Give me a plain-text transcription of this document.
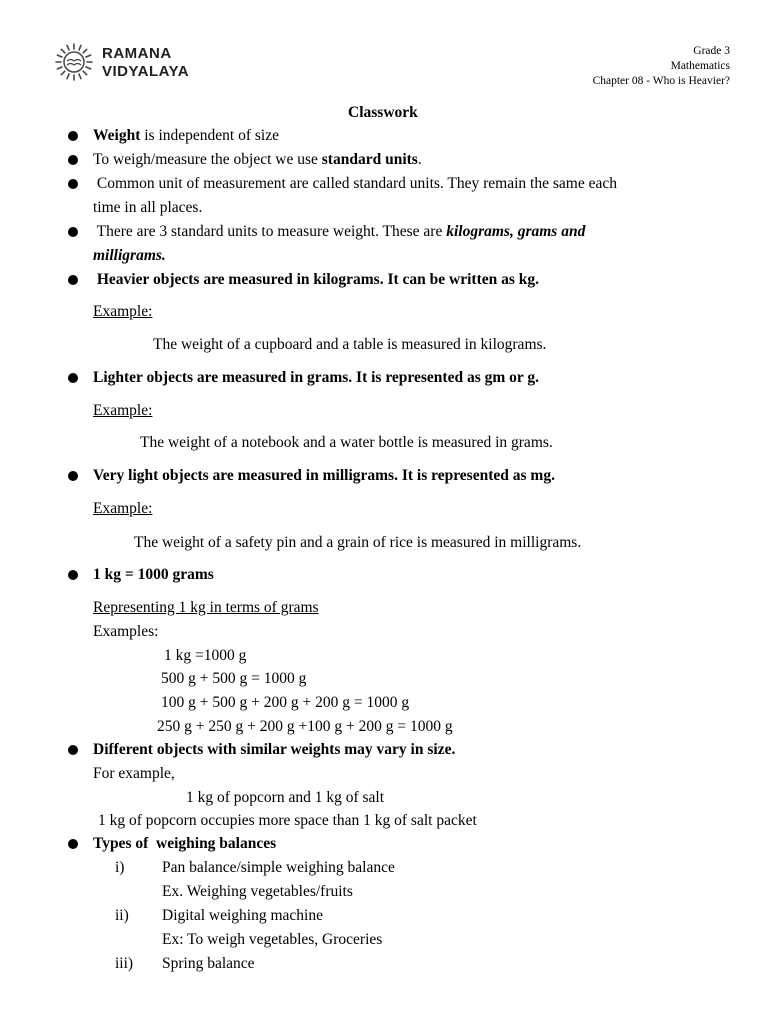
RAMANA
VIDYALAYA
Grade 3
Mathematics
Chapter 08 - Who is Heavier?
Classwork
Weight is independent of size
To weigh/measure the object we use standard units.
Common unit of measurement are called standard units. They remain the same each
time in all places.
There are 3 standard units to measure weight. These are kilograms, grams and
milligrams.
Heavier objects are measured in kilograms. It can be written as kg.
Example:
The weight of a cupboard and a table is measured in kilograms.
Lighter objects are measured in grams. It is represented as gm or g.
Example:
The weight of a notebook and a water bottle is measured in grams.
Very light objects are measured in milligrams. It is represented as mg.
Example:
The weight of a safety pin and a grain of rice is measured in milligrams.
1 kg = 1000 grams
Representing 1 kg in terms of grams
Examples:
1 kg =1000 g
500 g + 500 g = 1000 g
100 g + 500 g + 200 g + 200 g = 1000 g
250 g + 250 g + 200 g +100 g + 200 g = 1000 g
Different objects with similar weights may vary in size.
For example,
1 kg of popcorn and 1 kg of salt
1 kg of popcorn occupies more space than 1 kg of salt packet
Types of  weighing balances
i) Pan balance/simple weighing balance
Ex. Weighing vegetables/fruits
ii) Digital weighing machine
Ex: To weigh vegetables, Groceries
iii) Spring balance
